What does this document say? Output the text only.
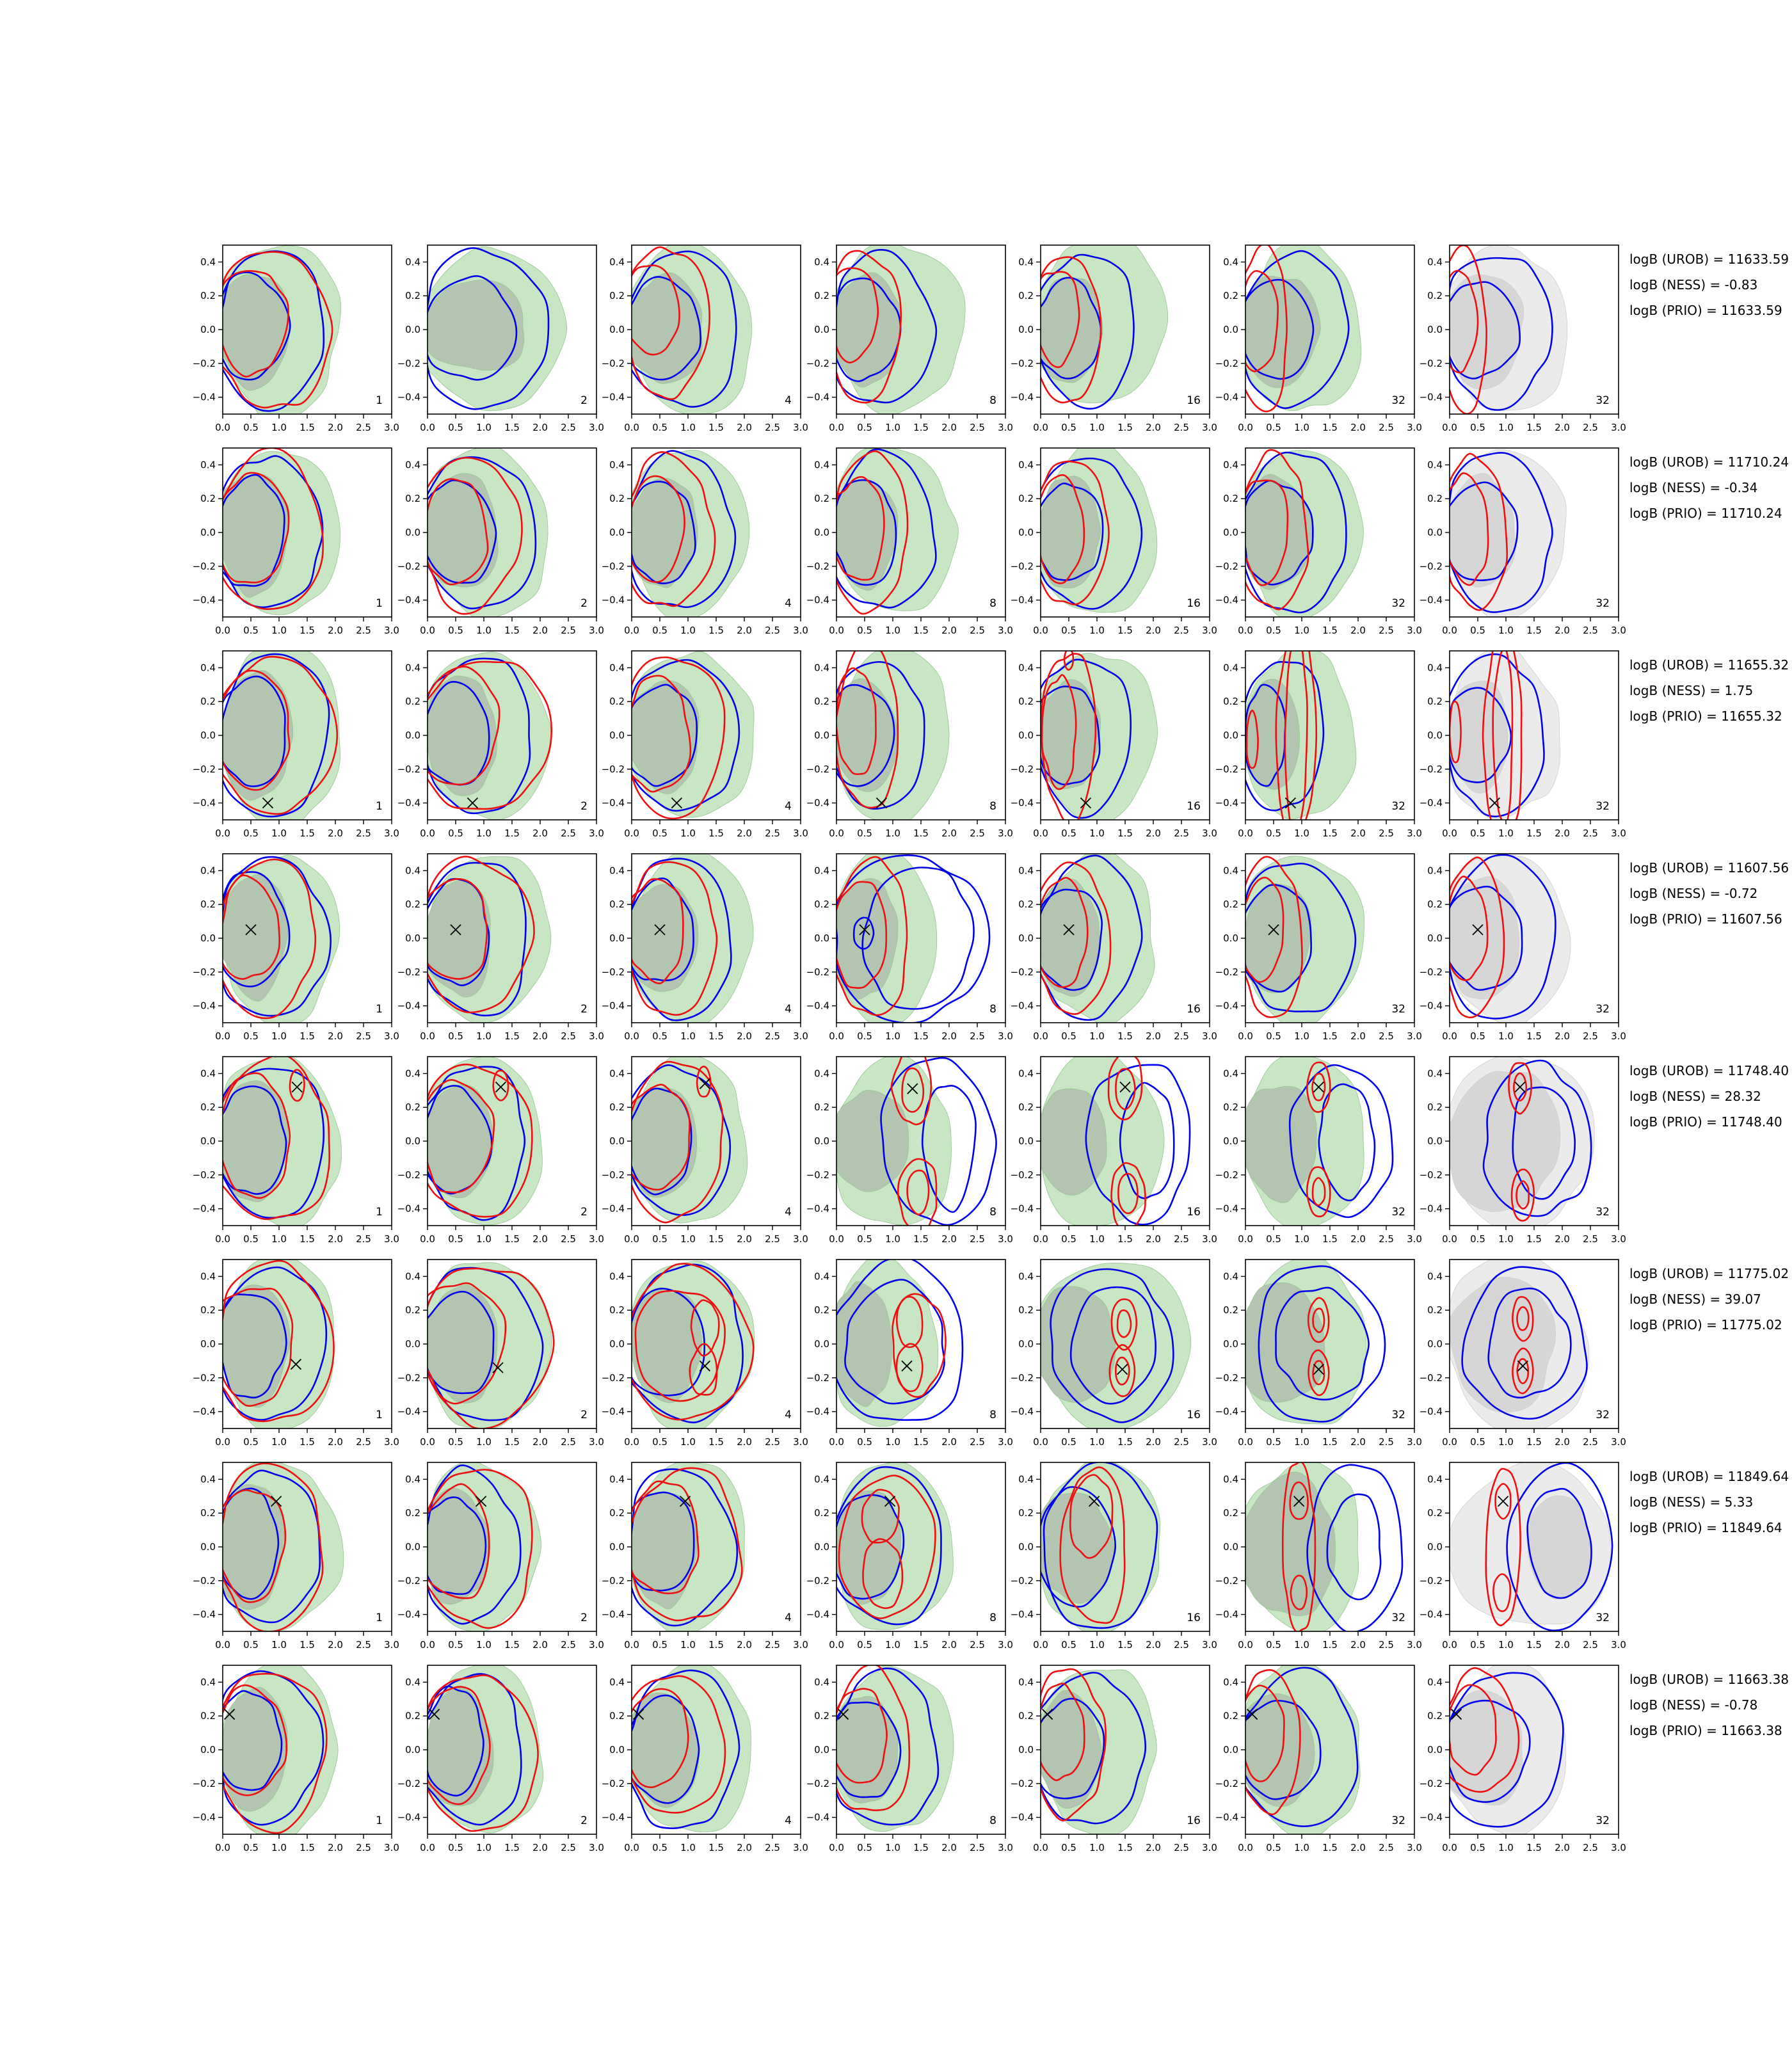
0.0 0.5 1.0 1.5 2.0 2.5 3.0
0.4
0.2
0.0
−0.2
−0.4	1
0.0 0.5 1.0 1.5 2.0 2.5 3.0
0.4
0.2
0.0
−0.2
−0.4	2
0.0 0.5 1.0 1.5 2.0 2.5 3.0
0.4
0.2
0.0
−0.2
−0.4	4
0.0 0.5 1.0 1.5 2.0 2.5 3.0
0.4
0.2
0.0
−0.2
−0.4	8
0.0 0.5 1.0 1.5 2.0 2.5 3.0
0.4
0.2
0.0
−0.2
−0.4	16
0.0 0.5 1.0 1.5 2.0 2.5 3.0
0.4
0.2
0.0
−0.2
−0.4	32
0.0 0.5 1.0 1.5 2.0 2.5 3.0
0.4
0.2
0.0
−0.2
−0.4	32
logB (UROB) = 11633.59
logB (NESS) = -0.83
logB (PRIO) = 11633.59
0.0 0.5 1.0 1.5 2.0 2.5 3.0
0.4
0.2
0.0
−0.2
−0.4	1
0.0 0.5 1.0 1.5 2.0 2.5 3.0
0.4
0.2
0.0
−0.2
−0.4	2
0.0 0.5 1.0 1.5 2.0 2.5 3.0
0.4
0.2
0.0
−0.2
−0.4	4
0.0 0.5 1.0 1.5 2.0 2.5 3.0
0.4
0.2
0.0
−0.2
−0.4	8
0.0 0.5 1.0 1.5 2.0 2.5 3.0
0.4
0.2
0.0
−0.2
−0.4	16
0.0 0.5 1.0 1.5 2.0 2.5 3.0
0.4
0.2
0.0
−0.2
−0.4	32
0.0 0.5 1.0 1.5 2.0 2.5 3.0
0.4
0.2
0.0
−0.2
−0.4	32
logB (UROB) = 11710.24
logB (NESS) = -0.34
logB (PRIO) = 11710.24
0.0 0.5 1.0 1.5 2.0 2.5 3.0
0.4
0.2
0.0
−0.2
−0.4	1
0.0 0.5 1.0 1.5 2.0 2.5 3.0
0.4
0.2
0.0
−0.2
−0.4	2
0.0 0.5 1.0 1.5 2.0 2.5 3.0
0.4
0.2
0.0
−0.2
−0.4	4
0.0 0.5 1.0 1.5 2.0 2.5 3.0
0.4
0.2
0.0
−0.2
−0.4	8
0.0 0.5 1.0 1.5 2.0 2.5 3.0
0.4
0.2
0.0
−0.2
−0.4	16
0.0 0.5 1.0 1.5 2.0 2.5 3.0
0.4
0.2
0.0
−0.2
−0.4	32
0.0 0.5 1.0 1.5 2.0 2.5 3.0
0.4
0.2
0.0
−0.2
−0.4	32
logB (UROB) = 11655.32
logB (NESS) = 1.75
logB (PRIO) = 11655.32
0.0 0.5 1.0 1.5 2.0 2.5 3.0
0.4
0.2
0.0
−0.2
−0.4	1
0.0 0.5 1.0 1.5 2.0 2.5 3.0
0.4
0.2
0.0
−0.2
−0.4	2
0.0 0.5 1.0 1.5 2.0 2.5 3.0
0.4
0.2
0.0
−0.2
−0.4	4
0.0 0.5 1.0 1.5 2.0 2.5 3.0
0.4
0.2
0.0
−0.2
−0.4	8
0.0 0.5 1.0 1.5 2.0 2.5 3.0
0.4
0.2
0.0
−0.2
−0.4	16
0.0 0.5 1.0 1.5 2.0 2.5 3.0
0.4
0.2
0.0
−0.2
−0.4	32
0.0 0.5 1.0 1.5 2.0 2.5 3.0
0.4
0.2
0.0
−0.2
−0.4	32
logB (UROB) = 11607.56
logB (NESS) = -0.72
logB (PRIO) = 11607.56
0.0 0.5 1.0 1.5 2.0 2.5 3.0
0.4
0.2
0.0
−0.2
−0.4	1
0.0 0.5 1.0 1.5 2.0 2.5 3.0
0.4
0.2
0.0
−0.2
−0.4	2
0.0 0.5 1.0 1.5 2.0 2.5 3.0
0.4
0.2
0.0
−0.2
−0.4	4
0.0 0.5 1.0 1.5 2.0 2.5 3.0
0.4
0.2
0.0
−0.2
−0.4	8
0.0 0.5 1.0 1.5 2.0 2.5 3.0
0.4
0.2
0.0
−0.2
−0.4	16
0.0 0.5 1.0 1.5 2.0 2.5 3.0
0.4
0.2
0.0
−0.2
−0.4	32
0.0 0.5 1.0 1.5 2.0 2.5 3.0
0.4
0.2
0.0
−0.2
−0.4	32
logB (UROB) = 11748.40
logB (NESS) = 28.32
logB (PRIO) = 11748.40
0.0 0.5 1.0 1.5 2.0 2.5 3.0
0.4
0.2
0.0
−0.2
−0.4	1
0.0 0.5 1.0 1.5 2.0 2.5 3.0
0.4
0.2
0.0
−0.2
−0.4	2
0.0 0.5 1.0 1.5 2.0 2.5 3.0
0.4
0.2
0.0
−0.2
−0.4	4
0.0 0.5 1.0 1.5 2.0 2.5 3.0
0.4
0.2
0.0
−0.2
−0.4	8
0.0 0.5 1.0 1.5 2.0 2.5 3.0
0.4
0.2
0.0
−0.2
−0.4	16
0.0 0.5 1.0 1.5 2.0 2.5 3.0
0.4
0.2
0.0
−0.2
−0.4	32
0.0 0.5 1.0 1.5 2.0 2.5 3.0
0.4
0.2
0.0
−0.2
−0.4	32
logB (UROB) = 11775.02
logB (NESS) = 39.07
logB (PRIO) = 11775.02
0.0 0.5 1.0 1.5 2.0 2.5 3.0
0.4
0.2
0.0
−0.2
−0.4	1
0.0 0.5 1.0 1.5 2.0 2.5 3.0
0.4
0.2
0.0
−0.2
−0.4	2
0.0 0.5 1.0 1.5 2.0 2.5 3.0
0.4
0.2
0.0
−0.2
−0.4	4
0.0 0.5 1.0 1.5 2.0 2.5 3.0
0.4
0.2
0.0
−0.2
−0.4	8
0.0 0.5 1.0 1.5 2.0 2.5 3.0
0.4
0.2
0.0
−0.2
−0.4	16
0.0 0.5 1.0 1.5 2.0 2.5 3.0
0.4
0.2
0.0
−0.2
−0.4	32
0.0 0.5 1.0 1.5 2.0 2.5 3.0
0.4
0.2
0.0
−0.2
−0.4	32
logB (UROB) = 11849.64
logB (NESS) = 5.33
logB (PRIO) = 11849.64
0.0 0.5 1.0 1.5 2.0 2.5 3.0
0.4
0.2
0.0
−0.2
−0.4	1
0.0 0.5 1.0 1.5 2.0 2.5 3.0
0.4
0.2
0.0
−0.2
−0.4	2
0.0 0.5 1.0 1.5 2.0 2.5 3.0
0.4
0.2
0.0
−0.2
−0.4	4
0.0 0.5 1.0 1.5 2.0 2.5 3.0
0.4
0.2
0.0
−0.2
−0.4	8
0.0 0.5 1.0 1.5 2.0 2.5 3.0
0.4
0.2
0.0
−0.2
−0.4	16
0.0 0.5 1.0 1.5 2.0 2.5 3.0
0.4
0.2
0.0
−0.2
−0.4	32
0.0 0.5 1.0 1.5 2.0 2.5 3.0
0.4
0.2
0.0
−0.2
−0.4	32
logB (UROB) = 11663.38
logB (NESS) = -0.78
logB (PRIO) = 11663.38
